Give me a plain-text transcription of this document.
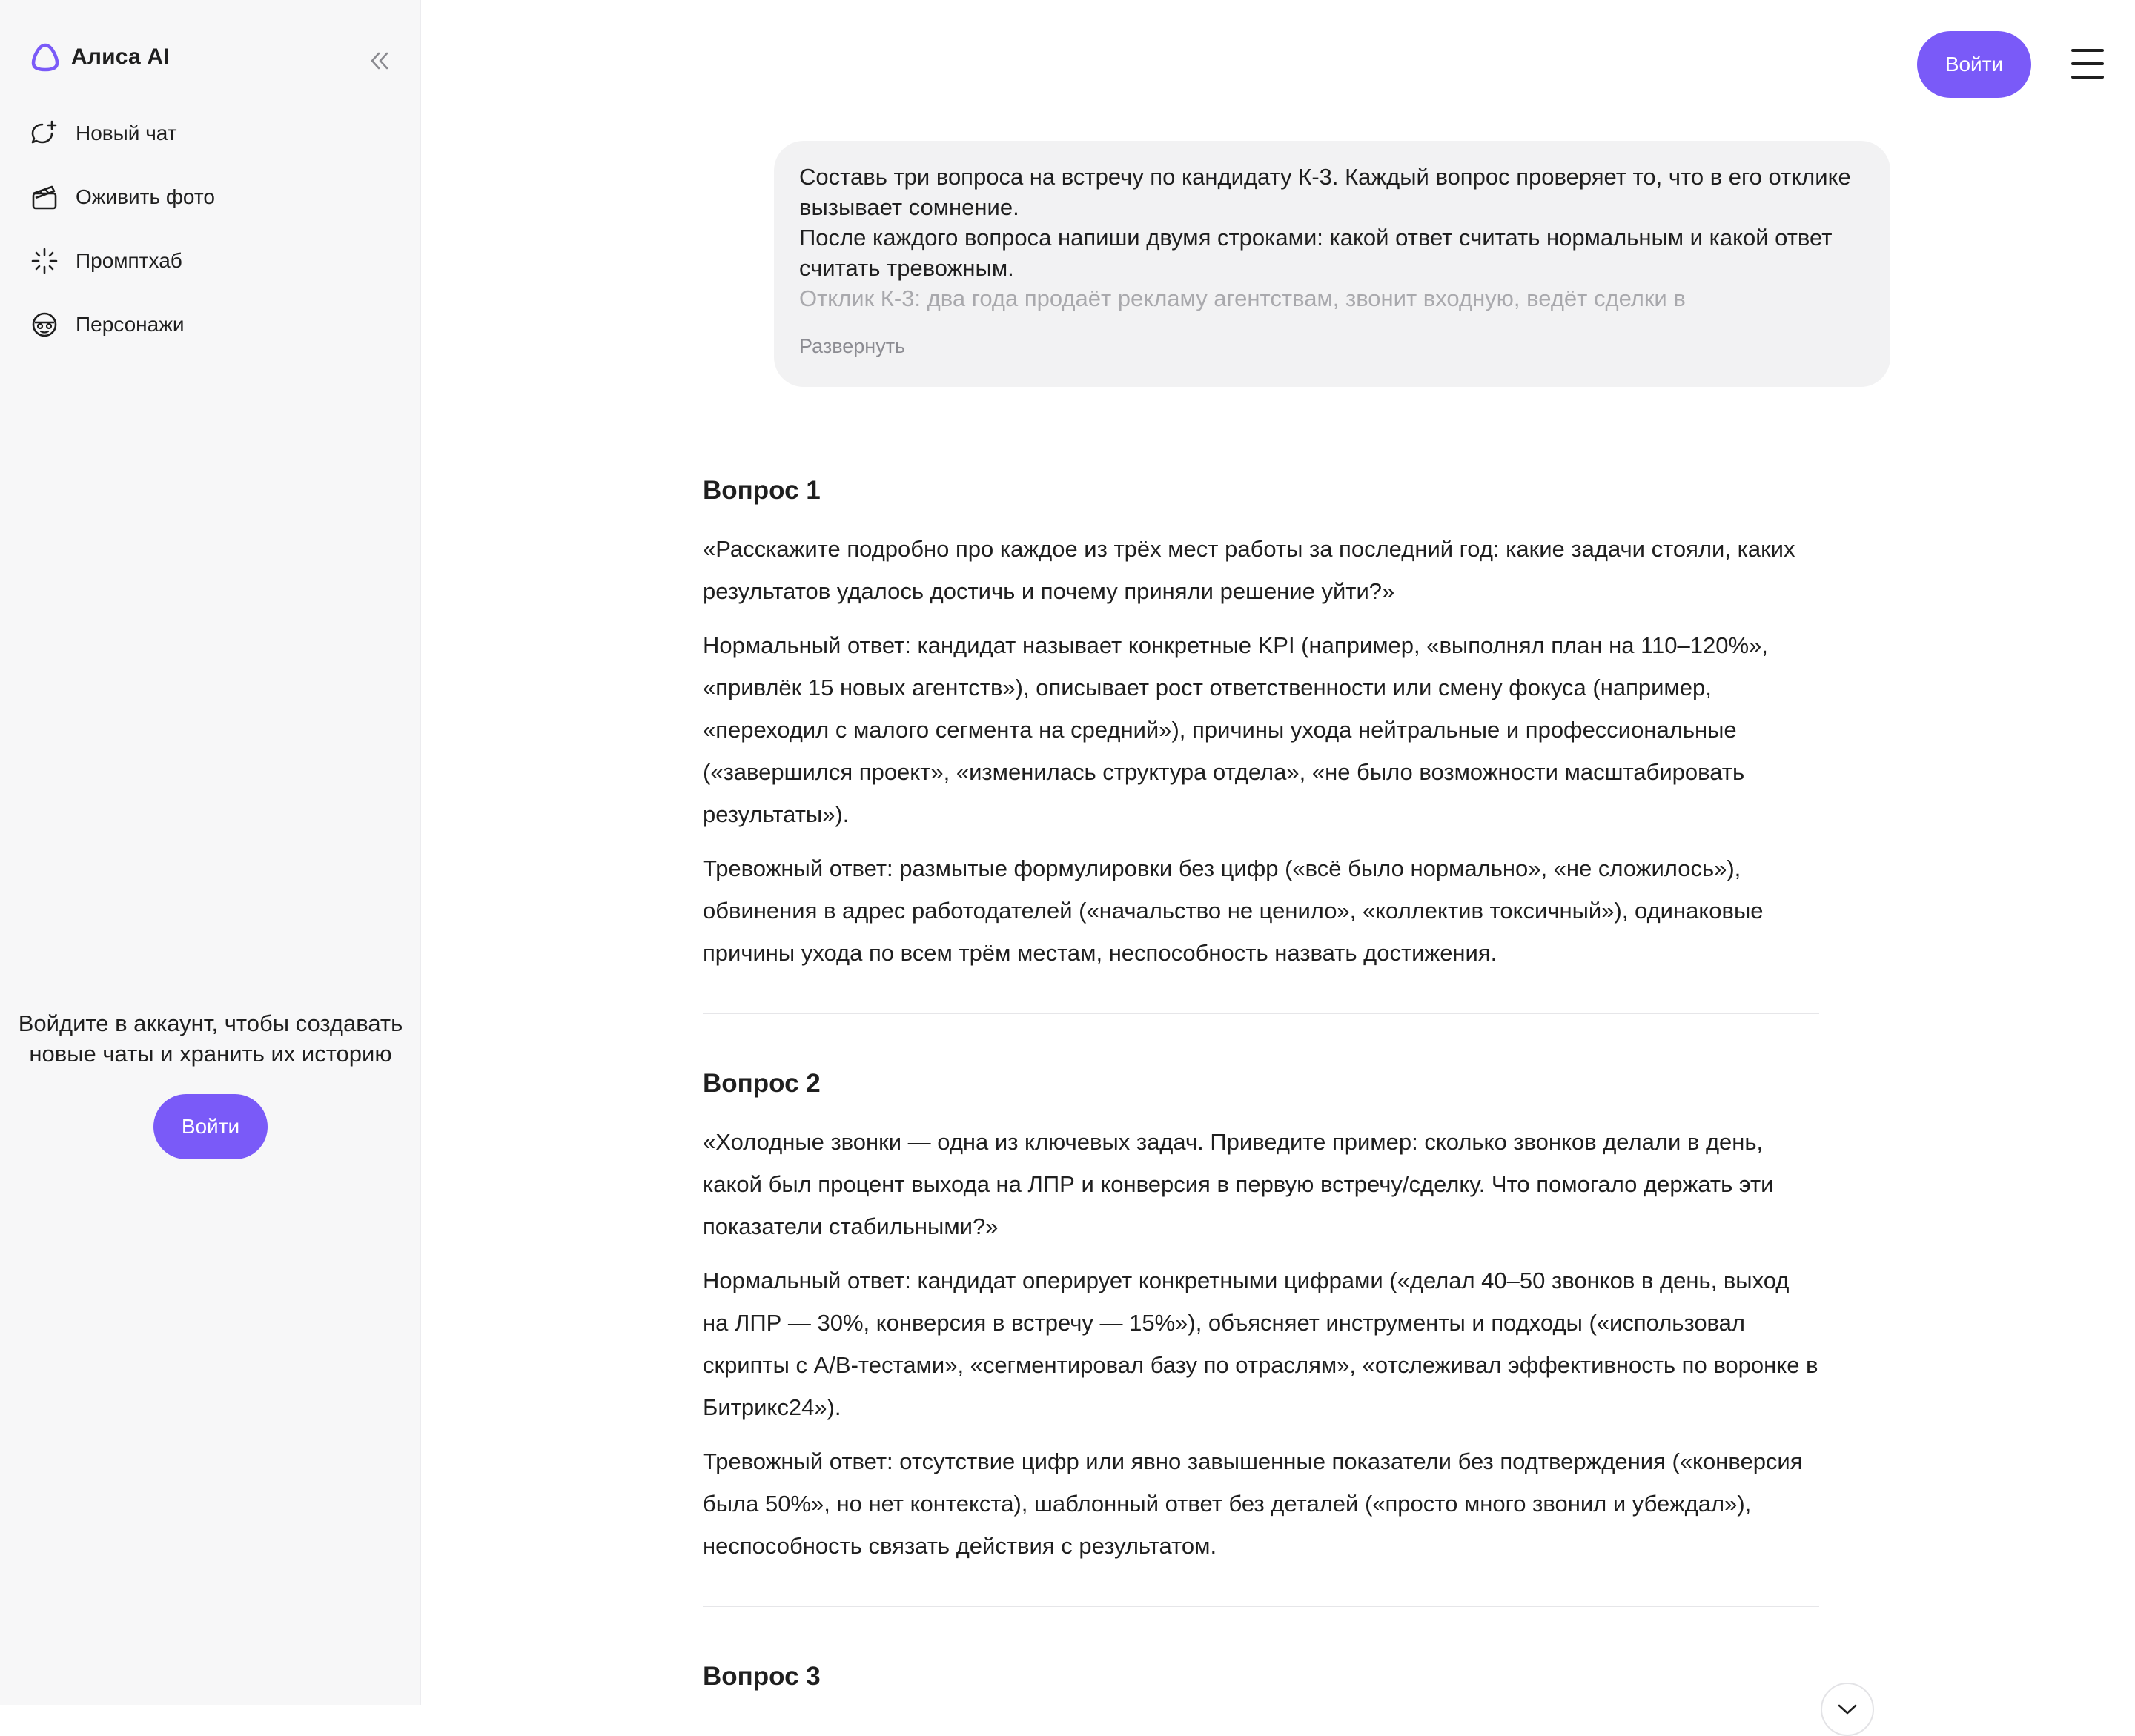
Алиса AI
Новый чат
Оживить фото
Промптхаб
Персонажи

Войдите в аккаунт, чтобы создавать новые чаты и хранить их историю

Войти
Войти

Составь три вопроса на встречу по кандидату К-3. Каждый вопрос проверяет то, что в его отклике вызывает сомнение.

После каждого вопроса напиши двумя строками: какой ответ считать нормальным и какой ответ считать тревожным.

Отклик К-3: два года продаёт рекламу агентствам, звонит входную, ведёт сделки в

Развернуть
Вопрос 1

«Расскажите подробно про каждое из трёх мест работы за последний год: какие задачи стояли, каких результатов удалось достичь и почему приняли решение уйти?»

Нормальный ответ: кандидат называет конкретные KPI (например, «выполнял план на 110–120%», «привлёк 15 новых агентств»), описывает рост ответственности или смену фокуса (например, «переходил с малого сегмента на средний»), причины ухода нейтральные и профессиональные («завершился проект», «изменилась структура отдела», «не было возможности масштабировать результаты»).

Тревожный ответ: размытые формулировки без цифр («всё было нормально», «не сложилось»), обвинения в адрес работодателей («начальство не ценило», «коллектив токсичный»), одинаковые причины ухода по всем трём местам, неспособность назвать достижения.

Вопрос 2

«Холодные звонки — одна из ключевых задач. Приведите пример: сколько звонков делали в день, какой был процент выхода на ЛПР и конверсия в первую встречу/сделку. Что помогало держать эти показатели стабильными?»

Нормальный ответ: кандидат оперирует конкретными цифрами («делал 40–50 звонков в день, выход на ЛПР — 30%, конверсия в встречу — 15%»), объясняет инструменты и подходы («использовал скрипты с A/B-тестами», «сегментировал базу по отраслям», «отслеживал эффективность по воронке в Битрикс24»).

Тревожный ответ: отсутствие цифр или явно завышенные показатели без подтверждения («конверсия была 50%», но нет контекста), шаблонный ответ без деталей («просто много звонил и убеждал»), неспособность связать действия с результатом.

Вопрос 3
